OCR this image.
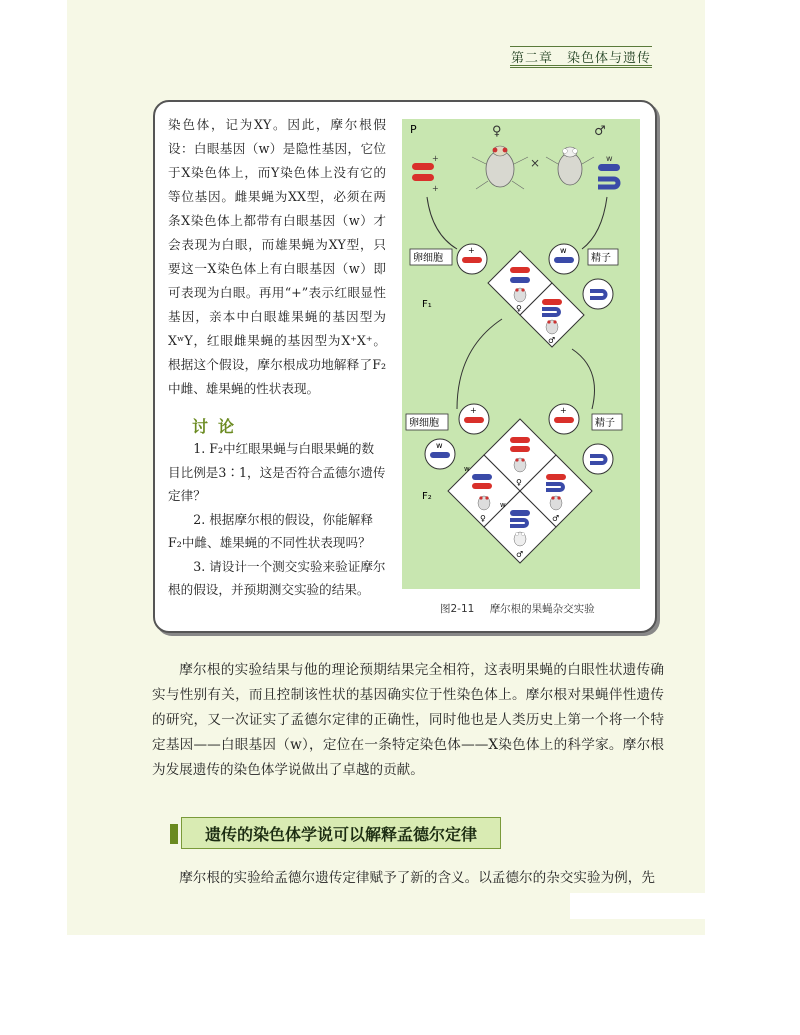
第二章　染色体与遗传

染色体，记为XY。因此，摩尔根假设：白眼基因（w）是隐性基因，它位于X染色体上，而Y染色体上没有它的等位基因。雌果蝇为XX型，必须在两条X染色体上都带有白眼基因（w）才会表现为白眼，而雄果蝇为XY型，只要这一X染色体上有白眼基因（w）即可表现为白眼。再用“+”表示红眼显性基因，亲本中白眼雄果蝇的基因型为XʷY，红眼雌果蝇的基因型为X⁺X⁺。根据这个假设，摩尔根成功地解释了F₂中雌、雄果蝇的性状表现。

讨论

1. F₂中红眼果蝇与白眼果蝇的数目比例是3∶1，这是否符合孟德尔遗传定律？

2. 根据摩尔根的假设，你能解释F₂中雌、雄果蝇的不同性状表现吗？

3. 请设计一个测交实验来验证摩尔根的假设，并预期测交实验的结果。

P	♀	♂
×
+
+
w
卵细胞
+	w
精子
F₁	♀
♂
卵细胞
+
w
+
精子
F₂
♀
w
♀	♂
w
♂
图2-11 摩尔根的果蝇杂交实验

摩尔根的实验结果与他的理论预期结果完全相符，这表明果蝇的白眼性状遗传确实与性别有关，而且控制该性状的基因确实位于性染色体上。摩尔根对果蝇伴性遗传的研究，又一次证实了孟德尔定律的正确性，同时他也是人类历史上第一个将一个特定基因——白眼基因（w），定位在一条特定染色体——X染色体上的科学家。摩尔根为发展遗传的染色体学说做出了卓越的贡献。

遗传的染色体学说可以解释孟德尔定律

摩尔根的实验给孟德尔遗传定律赋予了新的含义。以孟德尔的杂交实验为例，先
